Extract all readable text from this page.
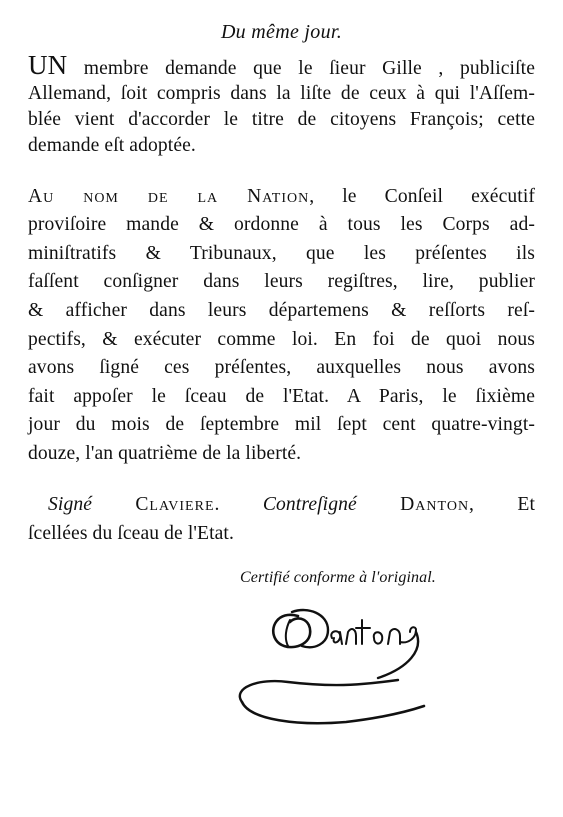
Du même jour.
UN membre demande que le ſieur Gille , publiciſte
Allemand, ſoit compris dans la liſte de ceux à qui l'Aſſem-
blée vient d'accorder le titre de citoyens François; cette
demande eſt adoptée.
Au nom de la Nation, le Conſeil exécutif
proviſoire mande & ordonne à tous les Corps ad-
miniſtratifs & Tribunaux, que les préſentes ils
faſſent conſigner dans leurs regiſtres, lire, publier
& afficher dans leurs départemens & reſſorts reſ-
pectifs, & exécuter comme loi. En foi de quoi nous
avons ſigné ces préſentes, auxquelles nous avons
fait appoſer le ſceau de l'Etat. A Paris, le ſixième
jour du mois de ſeptembre mil ſept cent quatre-vingt-
douze, l'an quatrième de la liberté.
Signé Claviere. Contreſigné Danton, Et
ſcellées du ſceau de l'Etat.
Certifié conforme à l'original.
